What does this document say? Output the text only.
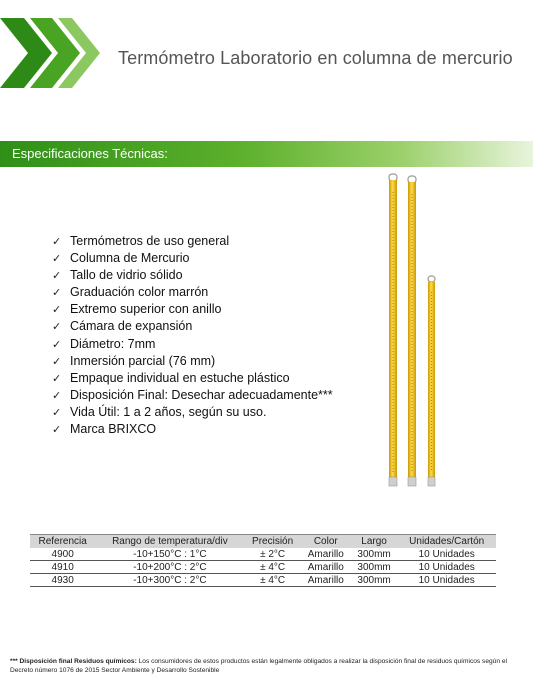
Termómetro Laboratorio en columna de mercurio
Especificaciones Técnicas:
✓ Termómetros de uso general
✓ Columna de Mercurio
✓ Tallo de vidrio sólido
✓ Graduación color marrón
✓ Extremo superior con anillo
✓ Cámara de expansión
✓ Diámetro: 7mm
✓ Inmersión parcial (76 mm)
✓ Empaque individual en estuche plástico
✓ Disposición Final: Desechar adecuadamente***
✓ Vida Útil: 1 a 2 años, según su uso.
✓ Marca BRIXCO
Referencia	Rango de temperatura/div	Precisión	Color	Largo	Unidades/Cartón
4900	-10+150°C : 1°C	± 2°C	Amarillo	300mm	10 Unidades
4910	-10+200°C : 2°C	± 4°C	Amarillo	300mm	10 Unidades
4930	-10+300°C : 2°C	± 4°C	Amarillo	300mm	10 Unidades
*** Disposición final Residuos químicos: Los consumidores de estos productos están legalmente obligados a realizar la disposición final de residuos químicos según el Decreto número 1076 de 2015 Sector Ambiente y Desarrollo Sostenible
